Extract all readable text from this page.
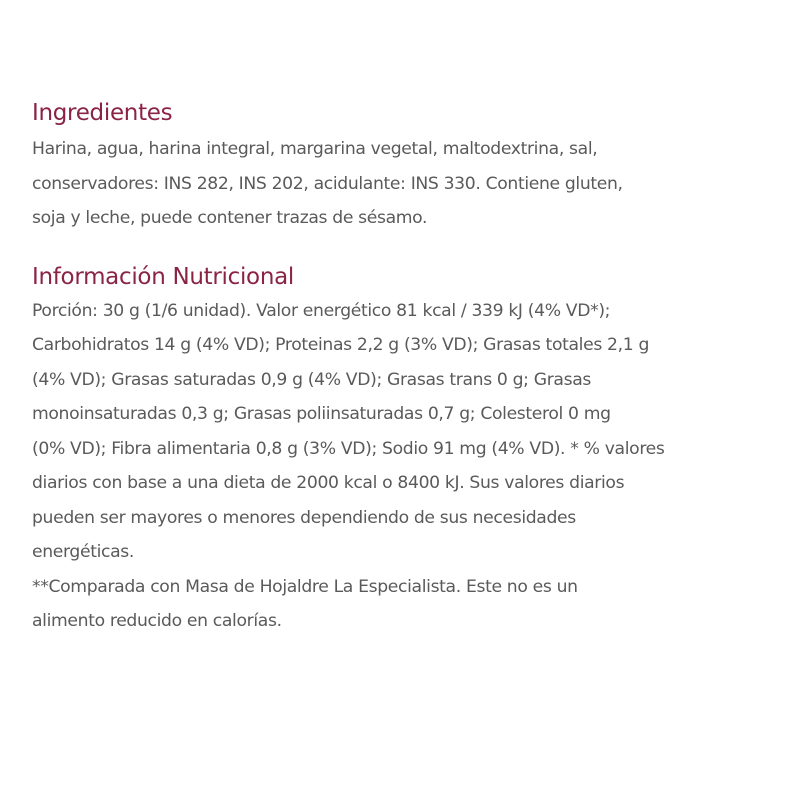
Ingredientes

Harina, agua, harina integral, margarina vegetal, maltodextrina, sal,
conservadores: INS 282, INS 202, acidulante: INS 330. Contiene gluten,
soja y leche, puede contener trazas de sésamo.

Información Nutricional

Porción: 30 g (1/6 unidad). Valor energético 81 kcal / 339 kJ (4% VD*);
Carbohidratos 14 g (4% VD); Proteinas 2,2 g (3% VD); Grasas totales 2,1 g
(4% VD); Grasas saturadas 0,9 g (4% VD); Grasas trans 0 g; Grasas
monoinsaturadas 0,3 g; Grasas poliinsaturadas 0,7 g; Colesterol 0 mg
(0% VD); Fibra alimentaria 0,8 g (3% VD); Sodio 91 mg (4% VD). * % valores
diarios con base a una dieta de 2000 kcal o 8400 kJ. Sus valores diarios
pueden ser mayores o menores dependiendo de sus necesidades
energéticas.
**Comparada con Masa de Hojaldre La Especialista. Este no es un
alimento reducido en calorías.
